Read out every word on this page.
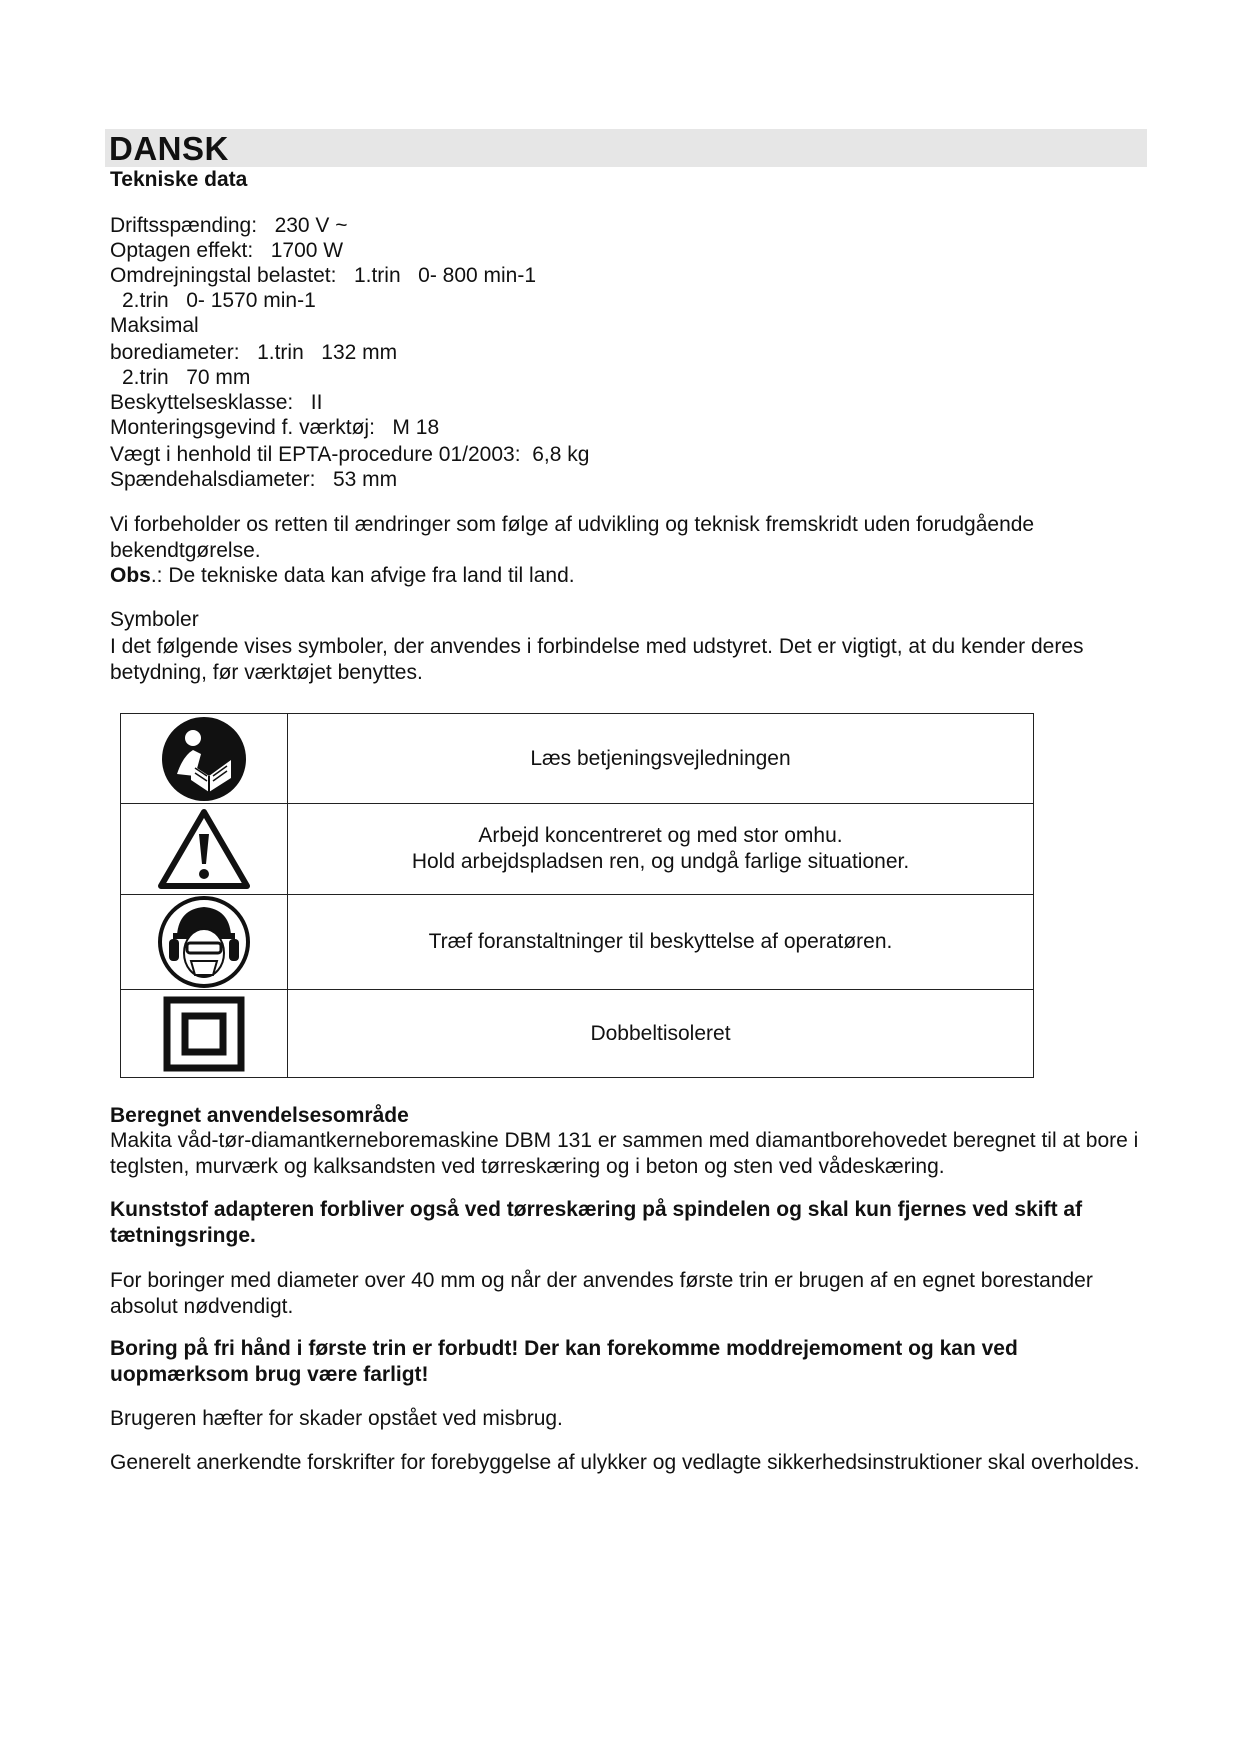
DANSK
Tekniske data
Driftsspænding:   230 V ~
Optagen effekt:   1700 W
Omdrejningstal belastet:   1.trin   0- 800 min-1
2.trin   0- 1570 min-1
Maksimal
borediameter:   1.trin   132 mm
2.trin   70 mm
Beskyttelsesklasse:   II
Monteringsgevind f. værktøj:   M 18
Vægt i henhold til EPTA-procedure 01/2003:  6,8 kg
Spændehalsdiameter:   53 mm
Vi forbeholder os retten til ændringer som følge af udvikling og teknisk fremskridt uden forudgående bekendtgørelse.
Obs.: De tekniske data kan afvige fra land til land.
Symboler
I det følgende vises symboler, der anvendes i forbindelse med udstyret. Det er vigtigt, at du kender deres betydning, før værktøjet benyttes.

Læs betjeningsvejledningen

Arbejd koncentreret og med stor omhu.
Hold arbejdspladsen ren, og undgå farlige situationer.

Træf foranstaltninger til beskyttelse af operatøren.

Dobbeltisoleret
Beregnet anvendelsesområde
Makita våd-tør-diamantkerneboremaskine DBM 131 er sammen med diamantborehovedet beregnet til at bore i teglsten, murværk og kalksandsten ved tørreskæring og i beton og sten ved vådeskæring.
Kunststof adapteren forbliver også ved tørreskæring på spindelen og skal kun fjernes ved skift af tætningsringe.
For boringer med diameter over 40 mm og når der anvendes første trin er brugen af en egnet borestander absolut nødvendigt.
Boring på fri hånd i første trin er forbudt! Der kan forekomme moddrejemoment og kan ved uopmærksom brug være farligt!
Brugeren hæfter for skader opstået ved misbrug.
Generelt anerkendte forskrifter for forebyggelse af ulykker og vedlagte sikkerhedsinstruktioner skal overholdes.
